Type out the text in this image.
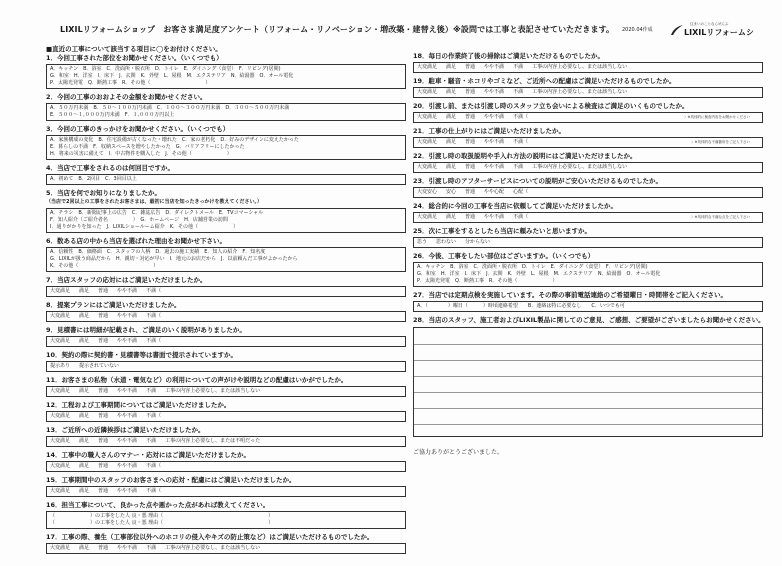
LIXILリフォームショップ　お客さま満足度アンケート（リフォーム・リノベーション・増改築・建替え後）※設問では工事と表記させていただきます。 2020.04作成
住まいのことならぜんぶ
LIXILリフォームシ
■直近の工事について該当する項目に◯をお付けください。
1．今回工事された部位をお聞かせください。（いくつでも）
A．キッチン　B．浴室　C．洗面所・脱衣所　D．トイレ　E．ダイニング（食堂）　F．リビング(居間)
G．和室　H．洋室　I．床下　J．玄関　K．外壁　L．屋根　M．エクステリア　N．給湯器　O．オール電化
P．太陽光発電　Q．断熱工事　R．その他（　　　　　　　　　　　）
2．今回の工事のおおよその金額をお聞かせください。
A．５０万円未満　B．５０～１００万円未満　C．１００～３００万円未満　D．３００～５００万円未満
E．５００～１,０００万円未満　F．１,０００万円以上
3．今回の工事のきっかけをお聞かせください。（いくつでも）
A．家族構成の変化　B．住宅設備が古くなった・壊れた　C．家の老朽化　D．好みのデザインに変えたかった
E．暮らしの不満　F．収納スペースを増やしたかった　G．バリアフリーにしたかった
H．将来の災害に備えて　I．中古物件を購入した　J．その他（　　　　　　　）
4．当店で工事をされるのは何回目ですか。
A．初めて　B．2回目　C．3回目以上
5．当店を何でお知りになりましたか。
（当店で2回以上の工事をされたお客さまは、最初に当店を知ったきっかけを教えてください。）
A．チラシ　B．新聞記事上の広告　C．雑誌広告　D．ダイレクトメール　E．TVコマーシャル
F．知人紹介（ご紹介者名　　　　　）　G．ホームページ　H．店舗営業の訪問
I．通りがかりを知った　J．LIXILショールーム紹介　K．その他（　　　　　　　）
6．数ある店の中から当店を選ばれた理由をお聞かせ下さい。
A．信頼性　B．価格面　C．スタッフの人柄　D．過去の施工実績　E．知人の紹介　F．知名度
G．LIXILが扱う商品だから　H．親切・対応が早い　I．地元のお店だから　J．以前頼んだ工事がよかったから
K．その他（　　　　　　　　　　　　　　　）
7．当店スタッフの応対にはご満足いただけましたか。
大変満足 満足 普通 やや不満 不満（
8．提案プランにはご満足いただけましたか。
大変満足 満足 普通 やや不満 不満（
9．見積書には明細が記載され、ご満足のいく説明がありましたか。
大変満足 満足 普通 やや不満 不満（
10．契約の際に契約書・見積書等は書面で提示されていますか。
提示あり 提示されていない
11．お客さまの私物（水道・電気など）の利用についての声がけや説明などの配慮はいかがでしたか。
大変満足 満足 普通 やや不満 不満 工事の内容上必要なし、または該当しない
12．工程および工事期間についてはご満足いただけましたか。
大変満足 満足 普通 やや不満 不満（
13．ご近所への近隣挨拶はご満足いただけましたか。
大変満足 満足 普通 やや不満 不満 工事の内容上必要なし、または不明だった
14．工事中の職人さんのマナー・応対にはご満足いただけましたか。
大変満足 満足 普通 やや不満 不満（
15．工事期間中のスタッフのお客さまへの応対・配慮にはご満足いただけましたか。
大変満足 満足 普通 やや不満 不満（
16．担当工事について、良かった点や悪かった点があれば教えてください。
（　　　　　　　）の工事をした人 良・悪 理由（　　　　　　　　　　　　　　　　　　　　　）
（　　　　　　　）の工事をした人 良・悪 理由（　　　　　　　　　　　　　　　　　　　　　）
17．工事の際、養生（工事部位以外へのホコリの侵入やキズの防止策など）はご満足いただけるものでしたか。
大変満足 満足 普通 やや不満 不満 工事の内容上必要なし、または該当しない
18．毎日の作業終了後の掃除はご満足いただけるものでしたか。
大変満足 満足 普通 やや不満 不満 工事の内容上必要なし、または該当しない
19．駐車・騒音・ホコリやゴミなど、ご近所への配慮はご満足いただけるものでしたか。
大変満足 満足 普通 やや不満 不満 工事の内容上必要なし、または該当しない
20．引渡し前、または引渡し時のスタッフ立ち会いによる検査はご満足のいくものでしたか。
大変満足 満足 普通 やや不満 不満（	）※具体的に検査内容をお聞かせください
21．工事の仕上がりにはご満足いただけましたか。
大変満足 満足 普通 やや不満 不満（	）※具体的な不満箇所をご記入下さい
22．引渡し時の取扱説明や手入れ方法の説明にはご満足いただけましたか。
大変満足 満足 普通 やや不満 不満 工事の内容上必要なし、または該当しない
23．引渡し時のアフターサービスについての説明がご安心いただけるものでしたか。
大変安心 安心 普通 やや心配 心配（
24．総合的に今回の工事を当店に依頼してご満足いただけましたか。
大変満足 満足 普通 やや不満 不満（	）※具体的な不満な点をご記入下さい
25．次に工事をするとしたら当店に頼みたいと思いますか。
思う 思わない 分からない
26．今後、工事をしたい部位はございますか。（いくつでも）
A．キッチン　B．浴室　C．洗面所・脱衣所　D．トイレ　E．ダイニング（食堂）　F．リビング(居間)
G．和室　H．洋室　I．床下　J．玄関　K．外壁　L．屋根　M．エクステリア　N．給湯器　O．オール電化
P．太陽光発電　Q．断熱工事　R．その他（　　　　　　　）
27．当店では定期点検を実施しています。その際の事前電話連絡のご希望曜日・時間帯をご記入ください。
A．（　　　　）曜日（　　　）時頃連絡希望　　B．連絡は特に必要なし　　C．いつでも可
28．当店のスタッフ、施工者およびLIXIL製品に関してのご意見、ご感想、ご要望がございましたらお聞かせください。
ご協力ありがとうございました。
